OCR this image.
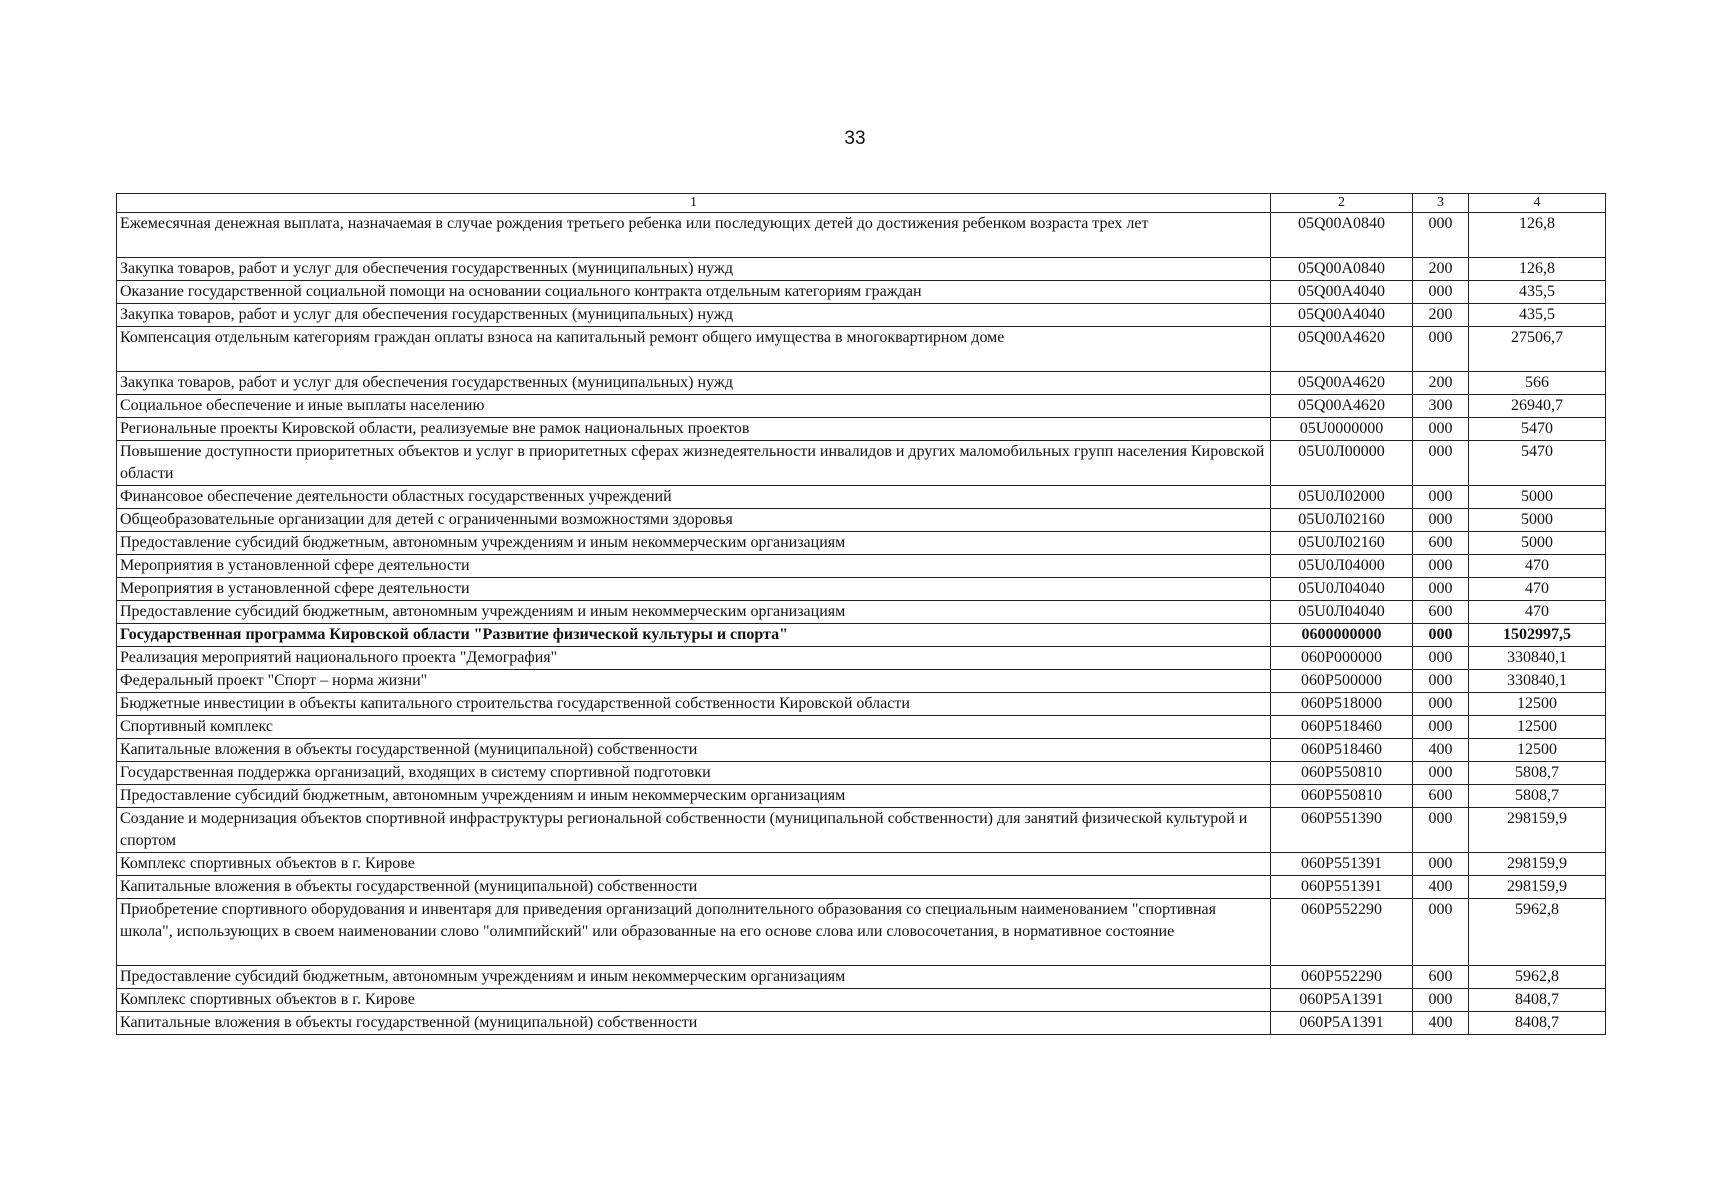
33
1	2	3	4
Ежемесячная денежная выплата, назначаемая в случае рождения третьего ребенка или последующих детей до достижения ребенком возраста трех лет	05Q00A0840	000	126,8
Закупка товаров, работ и услуг для обеспечения государственных (муниципальных) нужд	05Q00A0840	200	126,8
Оказание государственной социальной помощи на основании социального контракта отдельным категориям граждан	05Q00A4040	000	435,5
Закупка товаров, работ и услуг для обеспечения государственных (муниципальных) нужд	05Q00A4040	200	435,5
Компенсация отдельным категориям граждан оплаты взноса на капитальный ремонт общего имущества в многоквартирном доме	05Q00A4620	000	27506,7
Закупка товаров, работ и услуг для обеспечения государственных (муниципальных) нужд	05Q00A4620	200	566
Социальное обеспечение и иные выплаты населению	05Q00A4620	300	26940,7
Региональные проекты Кировской области, реализуемые вне рамок национальных проектов	05U0000000	000	5470
Повышение доступности приоритетных объектов и услуг в приоритетных сферах жизнедеятельности инвалидов и других маломобильных групп населения Кировской области	05U0Л00000	000	5470
Финансовое обеспечение деятельности областных государственных учреждений	05U0Л02000	000	5000
Общеобразовательные организации для детей с ограниченными возможностями здоровья	05U0Л02160	000	5000
Предоставление субсидий бюджетным, автономным учреждениям и иным некоммерческим организациям	05U0Л02160	600	5000
Мероприятия в установленной сфере деятельности	05U0Л04000	000	470
Мероприятия в установленной сфере деятельности	05U0Л04040	000	470
Предоставление субсидий бюджетным, автономным учреждениям и иным некоммерческим организациям	05U0Л04040	600	470
Государственная программа Кировской области "Развитие физической культуры и спорта"	0600000000	000	1502997,5
Реализация мероприятий национального проекта "Демография"	060P000000	000	330840,1
Федеральный проект "Спорт – норма жизни"	060P500000	000	330840,1
Бюджетные инвестиции в объекты капитального строительства государственной собственности Кировской области	060P518000	000	12500
Спортивный комплекс	060P518460	000	12500
Капитальные вложения в объекты государственной (муниципальной) собственности	060P518460	400	12500
Государственная поддержка организаций, входящих в систему спортивной подготовки	060P550810	000	5808,7
Предоставление субсидий бюджетным, автономным учреждениям и иным некоммерческим организациям	060P550810	600	5808,7
Создание и модернизация объектов спортивной инфраструктуры региональной собственности (муниципальной собственности) для занятий физической культурой и спортом	060P551390	000	298159,9
Комплекс спортивных объектов в г. Кирове	060P551391	000	298159,9
Капитальные вложения в объекты государственной (муниципальной) собственности	060P551391	400	298159,9
Приобретение спортивного оборудования и инвентаря для приведения организаций дополнительного образования со специальным наименованием "спортивная школа", использующих в своем наименовании слово "олимпийский" или образованные на его основе слова или словосочетания, в нормативное состояние	060P552290	000	5962,8
Предоставление субсидий бюджетным, автономным учреждениям и иным некоммерческим организациям	060P552290	600	5962,8
Комплекс спортивных объектов в г. Кирове	060P5A1391	000	8408,7
Капитальные вложения в объекты государственной (муниципальной) собственности	060P5A1391	400	8408,7
